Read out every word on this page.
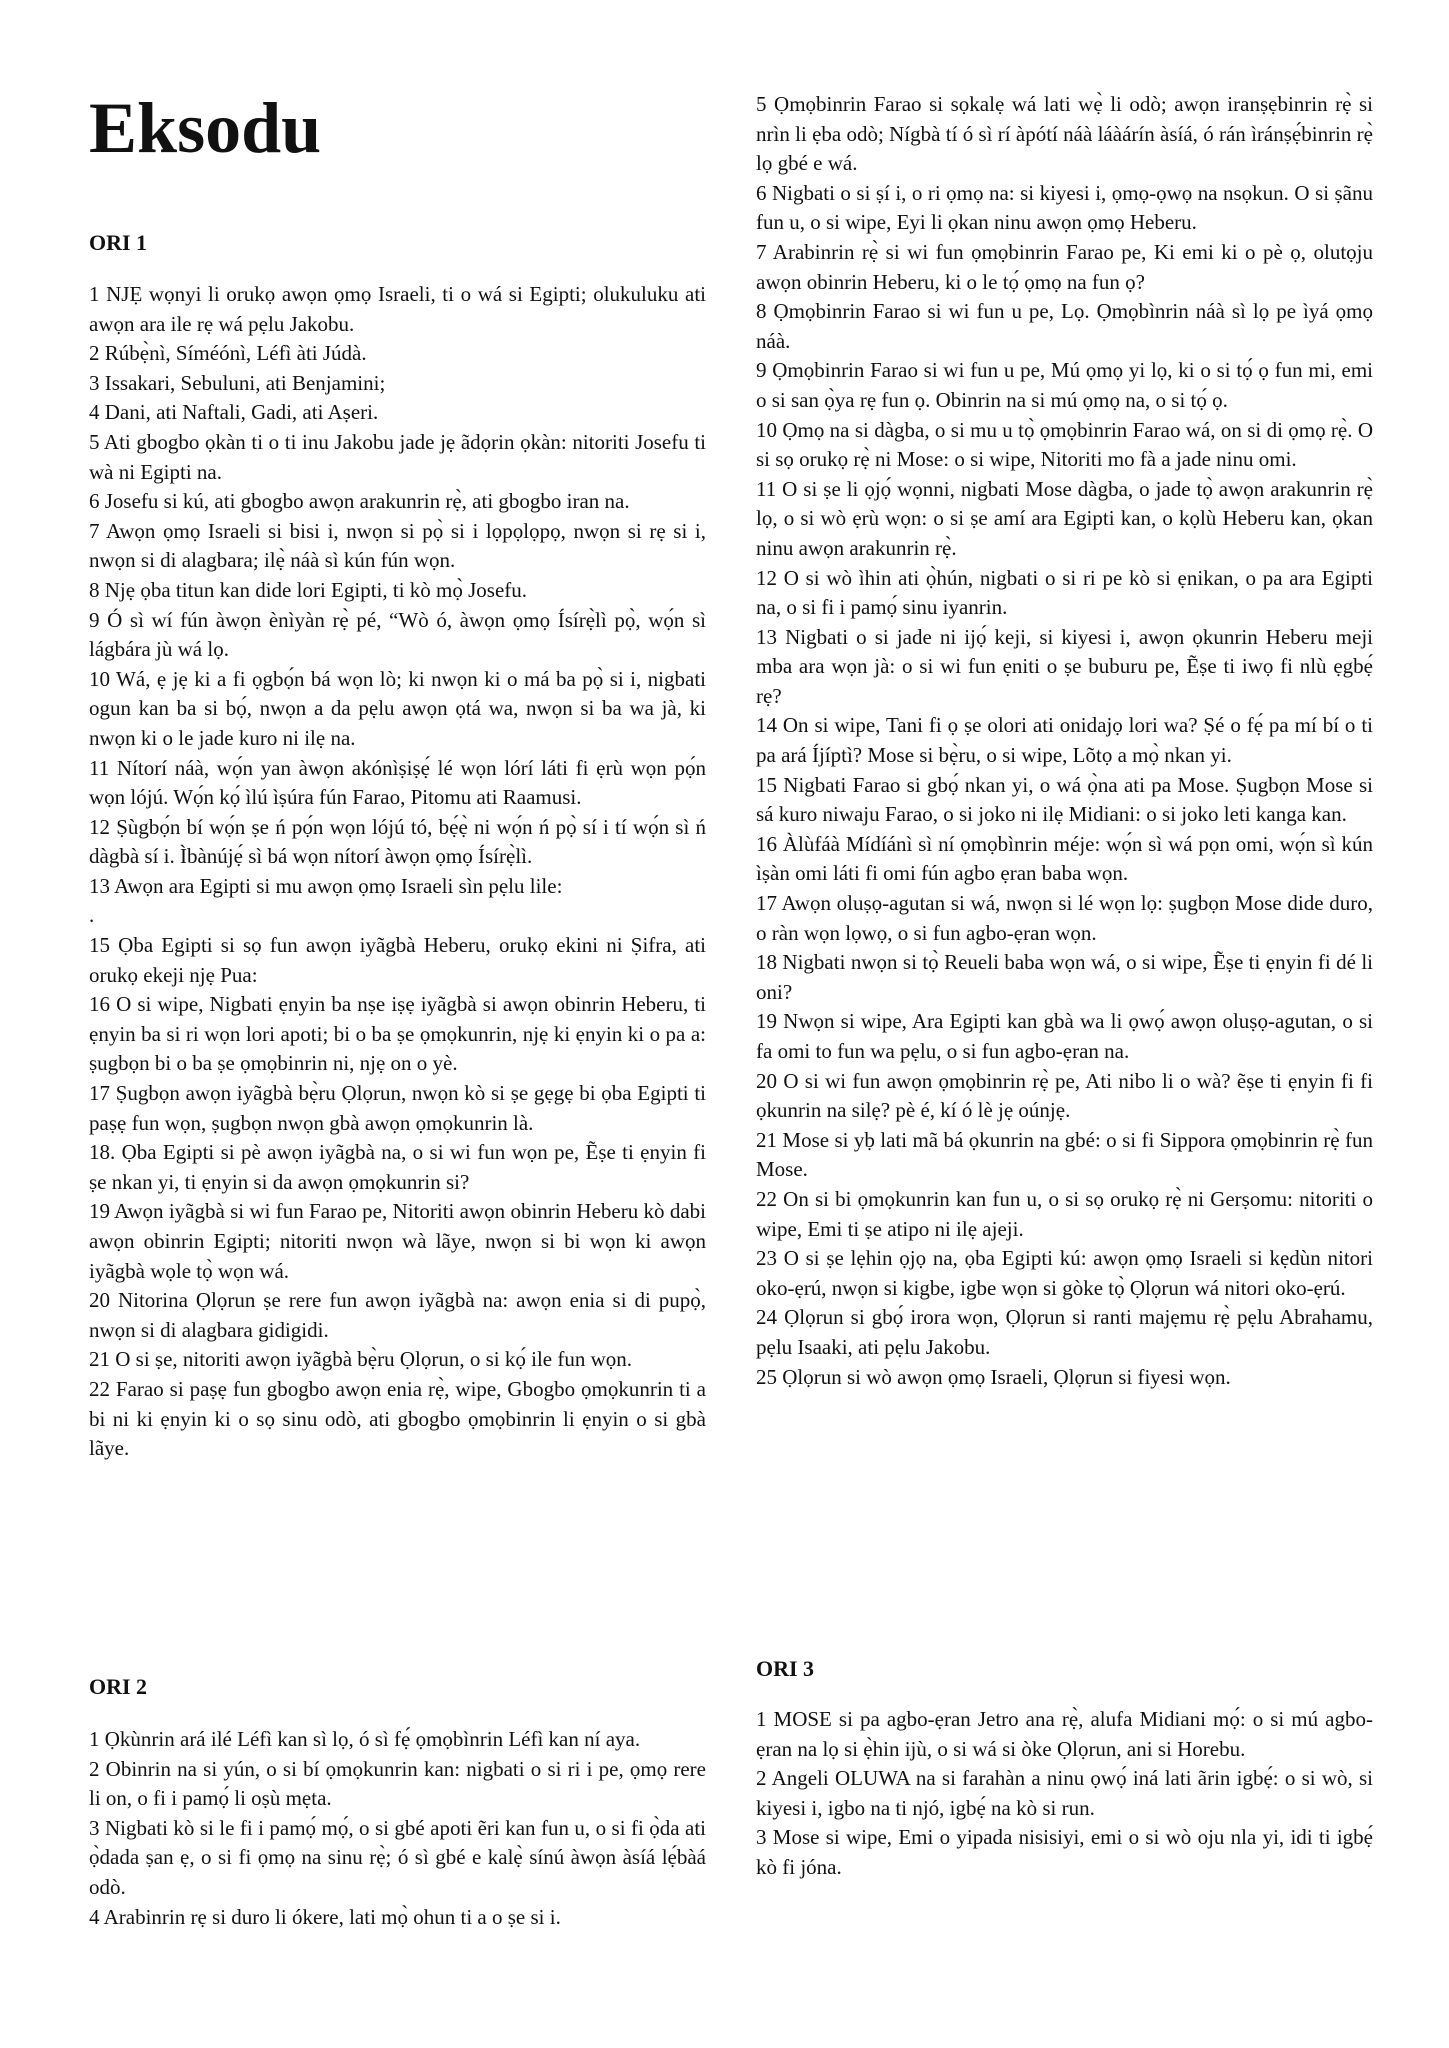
Eksodu
ORI 1

1 NJẸ wọnyi li orukọ awọn ọmọ Israeli, ti o wá si Egipti; olukuluku ati awọn ara ile rẹ wá pẹlu Jakobu.

2 Rúbẹ̀nì, Síméónì, Léfì àti Júdà.

3 Issakari, Sebuluni, ati Benjamini;

4 Dani, ati Naftali, Gadi, ati Aṣeri.

5 Ati gbogbo ọkàn ti o ti inu Jakobu jade jẹ ãdọrin ọkàn: nitoriti Josefu ti wà ni Egipti na.

6 Josefu si kú, ati gbogbo awọn arakunrin rẹ̀, ati gbogbo iran na.

7 Awọn ọmọ Israeli si bisi i, nwọn si pọ̀ si i lọpọlọpọ, nwọn si rẹ si i, nwọn si di alagbara; ilẹ̀ náà sì kún fún wọn.

8 Njẹ ọba titun kan dide lori Egipti, ti kò mọ̀ Josefu.

9 Ó sì wí fún àwọn ènìyàn rẹ̀ pé, “Wò ó, àwọn ọmọ Ísírẹ̀lì pọ̀, wọ́n sì lágbára jù wá lọ.

10 Wá, ẹ jẹ ki a fi ọgbọ́n bá wọn lò; ki nwọn ki o má ba pọ̀ si i, nigbati ogun kan ba si bọ́, nwọn a da pẹlu awọn ọtá wa, nwọn si ba wa jà, ki nwọn ki o le jade kuro ni ilẹ na.

11 Nítorí náà, wọ́n yan àwọn akónìṣiṣẹ́ lé wọn lórí láti fi ẹrù wọn pọ́n wọn lójú. Wọ́n kọ́ ìlú ìṣúra fún Farao, Pitomu ati Raamusi.

12 Ṣùgbọ́n bí wọ́n ṣe ń pọ́n wọn lójú tó, bẹ́ẹ̀ ni wọ́n ń pọ̀ sí i tí wọ́n sì ń dàgbà sí i. Ìbànújẹ́ sì bá wọn nítorí àwọn ọmọ Ísírẹ̀lì.

13 Awọn ara Egipti si mu awọn ọmọ Israeli sìn pẹlu lile:

.

15 Ọba Egipti si sọ fun awọn iyãgbà Heberu, orukọ ekini ni Ṣifra, ati orukọ ekeji njẹ Pua:

16 O si wipe, Nigbati ẹnyin ba nṣe iṣẹ iyãgbà si awọn obinrin Heberu, ti ẹnyin ba si ri wọn lori apoti; bi o ba ṣe ọmọkunrin, njẹ ki ẹnyin ki o pa a: ṣugbọn bi o ba ṣe ọmọbinrin ni, njẹ on o yè.

17 Ṣugbọn awọn iyãgbà bẹ̀ru Ọlọrun, nwọn kò si ṣe gẹgẹ bi ọba Egipti ti paṣẹ fun wọn, ṣugbọn nwọn gbà awọn ọmọkunrin là.

18. Ọba Egipti si pè awọn iyãgbà na, o si wi fun wọn pe, Ẽṣe ti ẹnyin fi ṣe nkan yi, ti ẹnyin si da awọn ọmọkunrin si?

19 Awọn iyãgbà si wi fun Farao pe, Nitoriti awọn obinrin Heberu kò dabi awọn obinrin Egipti; nitoriti nwọn wà lãye, nwọn si bi wọn ki awọn iyãgbà wọle tọ̀ wọn wá.

20 Nitorina Ọlọrun ṣe rere fun awọn iyãgbà na: awọn enia si di pupọ̀, nwọn si di alagbara gidigidi.

21 O si ṣe, nitoriti awọn iyãgbà bẹ̀ru Ọlọrun, o si kọ́ ile fun wọn.

22 Farao si paṣẹ fun gbogbo awọn enia rẹ̀, wipe, Gbogbo ọmọkunrin ti a bi ni ki ẹnyin ki o sọ sinu odò, ati gbogbo ọmọbinrin li ẹnyin o si gbà lãye.

ORI 2

1 Ọkùnrin ará ilé Léfì kan sì lọ, ó sì fẹ́ ọmọbìnrin Léfì kan ní aya.

2 Obinrin na si yún, o si bí ọmọkunrin kan: nigbati o si ri i pe, ọmọ rere li on, o fi i pamọ́ li oṣù mẹta.

3 Nigbati kò si le fi i pamọ́ mọ́, o si gbé apoti ẽri kan fun u, o si fi ọ̀da ati ọ̀dada ṣan ẹ, o si fi ọmọ na sinu rẹ̀; ó sì gbé e kalẹ̀ sínú àwọn àsíá lẹ́bàá odò.

4 Arabinrin rẹ si duro li ókere, lati mọ̀ ohun ti a o ṣe si i.

5 Ọmọbinrin Farao si sọkalẹ wá lati wẹ̀ li odò; awọn iranṣẹbinrin rẹ̀ si nrìn li ẹba odò; Nígbà tí ó sì rí àpótí náà láàárín àsíá, ó rán ìránṣẹ́binrin rẹ̀ lọ gbé e wá.

6 Nigbati o si ṣí i, o ri ọmọ na: si kiyesi i, ọmọ-ọwọ na nsọkun. O si ṣãnu fun u, o si wipe, Eyi li ọkan ninu awọn ọmọ Heberu.

7 Arabinrin rẹ̀ si wi fun ọmọbinrin Farao pe, Ki emi ki o pè ọ, olutọju awọn obinrin Heberu, ki o le tọ́ ọmọ na fun ọ?

8 Ọmọbinrin Farao si wi fun u pe, Lọ. Ọmọbìnrin náà sì lọ pe ìyá ọmọ náà.

9 Ọmọbinrin Farao si wi fun u pe, Mú ọmọ yi lọ, ki o si tọ́ ọ fun mi, emi o si san ọ̀ya rẹ fun ọ. Obinrin na si mú ọmọ na, o si tọ́ ọ.

10 Ọmọ na si dàgba, o si mu u tọ̀ ọmọbinrin Farao wá, on si di ọmọ rẹ̀. O si sọ orukọ rẹ̀ ni Mose: o si wipe, Nitoriti mo fà a jade ninu omi.

11 O si ṣe li ọjọ́ wọnni, nigbati Mose dàgba, o jade tọ̀ awọn arakunrin rẹ̀ lọ, o si wò ẹrù wọn: o si ṣe amí ara Egipti kan, o kọlù Heberu kan, ọkan ninu awọn arakunrin rẹ̀.

12 O si wò ìhin ati ọ̀hún, nigbati o si ri pe kò si ẹnikan, o pa ara Egipti na, o si fi i pamọ́ sinu iyanrin.

13 Nigbati o si jade ni ijọ́ keji, si kiyesi i, awọn ọkunrin Heberu meji mba ara wọn jà: o si wi fun ẹniti o ṣe buburu pe, Ẽṣe ti iwọ fi nlù ẹgbẹ́ rẹ?

14 On si wipe, Tani fi ọ ṣe olori ati onidajọ lori wa? Ṣé o fẹ́ pa mí bí o ti pa ará Íjíptì? Mose si bẹ̀ru, o si wipe, Lõtọ a mọ̀ nkan yi.

15 Nigbati Farao si gbọ́ nkan yi, o wá ọ̀na ati pa Mose. Ṣugbọn Mose si sá kuro niwaju Farao, o si joko ni ilẹ Midiani: o si joko leti kanga kan.

16 Àlùfáà Mídíánì sì ní ọmọbìnrin méje: wọ́n sì wá pọn omi, wọ́n sì kún ìṣàn omi láti fi omi fún agbo ẹran baba wọn.

17 Awọn oluṣọ-agutan si wá, nwọn si lé wọn lọ: ṣugbọn Mose dide duro, o ràn wọn lọwọ, o si fun agbo-ẹran wọn.

18 Nigbati nwọn si tọ̀ Reueli baba wọn wá, o si wipe, Ẽṣe ti ẹnyin fi dé li oni?

19 Nwọn si wipe, Ara Egipti kan gbà wa li ọwọ́ awọn oluṣọ-agutan, o si fa omi to fun wa pẹlu, o si fun agbo-ẹran na.

20 O si wi fun awọn ọmọbinrin rẹ̀ pe, Ati nibo li o wà? ẽṣe ti ẹnyin fi fi ọkunrin na silẹ? pè é, kí ó lè jẹ oúnjẹ.

21 Mose si yḅ lati mã bá ọkunrin na gbé: o si fi Sippora ọmọbinrin rẹ̀ fun Mose.

22 On si bi ọmọkunrin kan fun u, o si sọ orukọ rẹ̀ ni Gerṣomu: nitoriti o wipe, Emi ti ṣe atipo ni ilẹ ajeji.

23 O si ṣe lẹhin ọjọ na, ọba Egipti kú: awọn ọmọ Israeli si kẹdùn nitori oko-ẹrú, nwọn si kigbe, igbe wọn si gòke tọ̀ Ọlọrun wá nitori oko-ẹrú.

24 Ọlọrun si gbọ́ irora wọn, Ọlọrun si ranti majẹmu rẹ̀ pẹlu Abrahamu, pẹlu Isaaki, ati pẹlu Jakobu.

25 Ọlọrun si wò awọn ọmọ Israeli, Ọlọrun si fiyesi wọn.

ORI 3

1 MOSE si pa agbo-ẹran Jetro ana rẹ̀, alufa Midiani mọ́: o si mú agbo-ẹran na lọ si ẹ̀hin ijù, o si wá si òke Ọlọrun, ani si Horebu.

2 Angeli OLUWA na si farahàn a ninu ọwọ́ iná lati ãrin igbẹ́: o si wò, si kiyesi i, igbo na ti njó, igbẹ́ na kò si run.

3 Mose si wipe, Emi o yipada nisisiyi, emi o si wò oju nla yi, idi ti igbẹ́ kò fi jóna.
